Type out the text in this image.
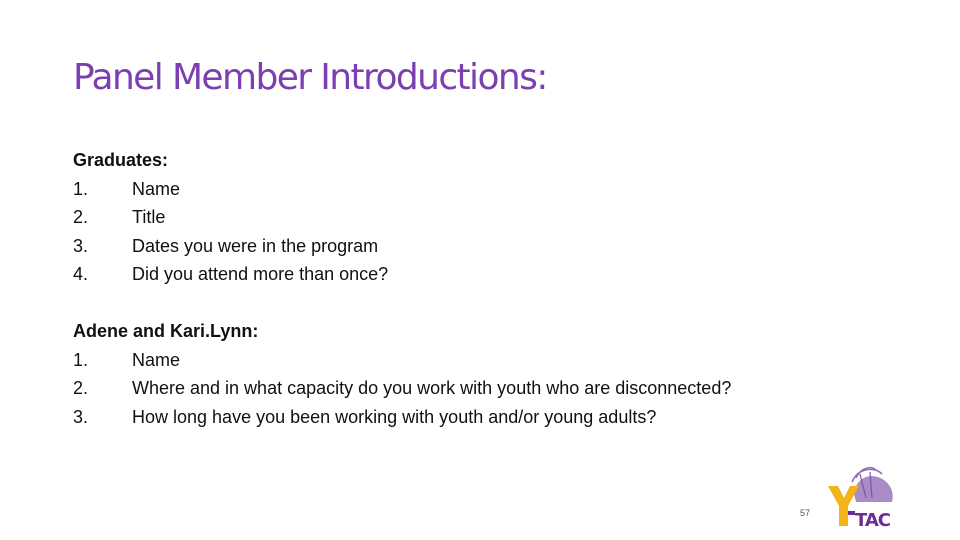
Panel Member Introductions:
Graduates:
1.	Name
2.	Title
3.	Dates you were in the program
4.	Did you attend more than once?
Adene and Kari.Lynn:
1.	Name
2.	Where and in what capacity do you work with youth who are disconnected?
3.	How long have you been working with youth and/or young adults?
57 TAC
